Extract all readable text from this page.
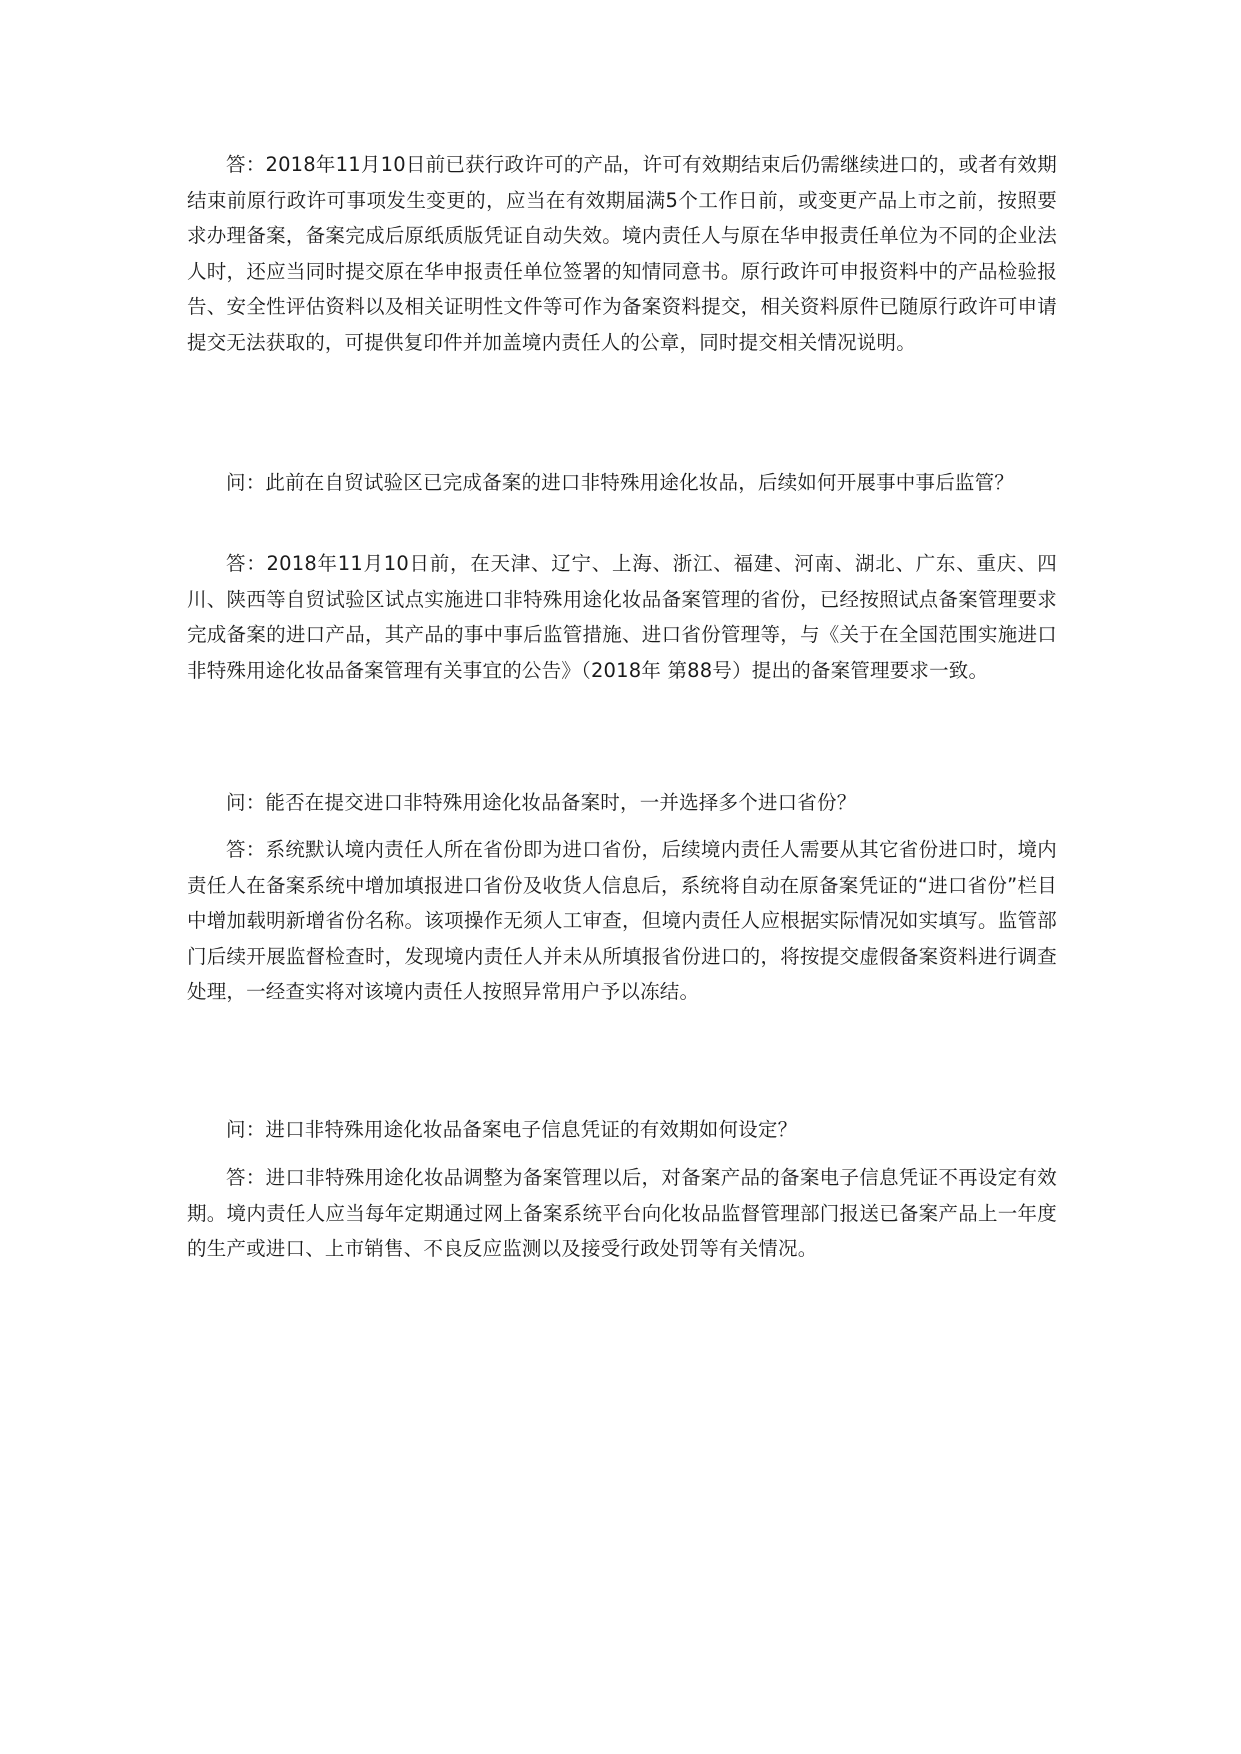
答：2018年11月10日前已获行政许可的产品，许可有效期结束后仍需继续进口的，或者有效期结束前原行政许可事项发生变更的，应当在有效期届满5个工作日前，或变更产品上市之前，按照要求办理备案，备案完成后原纸质版凭证自动失效。境内责任人与原在华申报责任单位为不同的企业法人时，还应当同时提交原在华申报责任单位签署的知情同意书。原行政许可申报资料中的产品检验报告、安全性评估资料以及相关证明性文件等可作为备案资料提交，相关资料原件已随原行政许可申请提交无法获取的，可提供复印件并加盖境内责任人的公章，同时提交相关情况说明。

问：此前在自贸试验区已完成备案的进口非特殊用途化妆品，后续如何开展事中事后监管？

答：2018年11月10日前，在天津、辽宁、上海、浙江、福建、河南、湖北、广东、重庆、四川、陕西等自贸试验区试点实施进口非特殊用途化妆品备案管理的省份，已经按照试点备案管理要求完成备案的进口产品，其产品的事中事后监管措施、进口省份管理等，与《关于在全国范围实施进口非特殊用途化妆品备案管理有关事宜的公告》（2018年 第88号）提出的备案管理要求一致。

问：能否在提交进口非特殊用途化妆品备案时，一并选择多个进口省份？

答：系统默认境内责任人所在省份即为进口省份，后续境内责任人需要从其它省份进口时，境内责任人在备案系统中增加填报进口省份及收货人信息后，系统将自动在原备案凭证的“进口省份”栏目中增加载明新增省份名称。该项操作无须人工审查，但境内责任人应根据实际情况如实填写。监管部门后续开展监督检查时，发现境内责任人并未从所填报省份进口的，将按提交虚假备案资料进行调查处理，一经查实将对该境内责任人按照异常用户予以冻结。

问：进口非特殊用途化妆品备案电子信息凭证的有效期如何设定？

答：进口非特殊用途化妆品调整为备案管理以后，对备案产品的备案电子信息凭证不再设定有效期。境内责任人应当每年定期通过网上备案系统平台向化妆品监督管理部门报送已备案产品上一年度的生产或进口、上市销售、不良反应监测以及接受行政处罚等有关情况。
